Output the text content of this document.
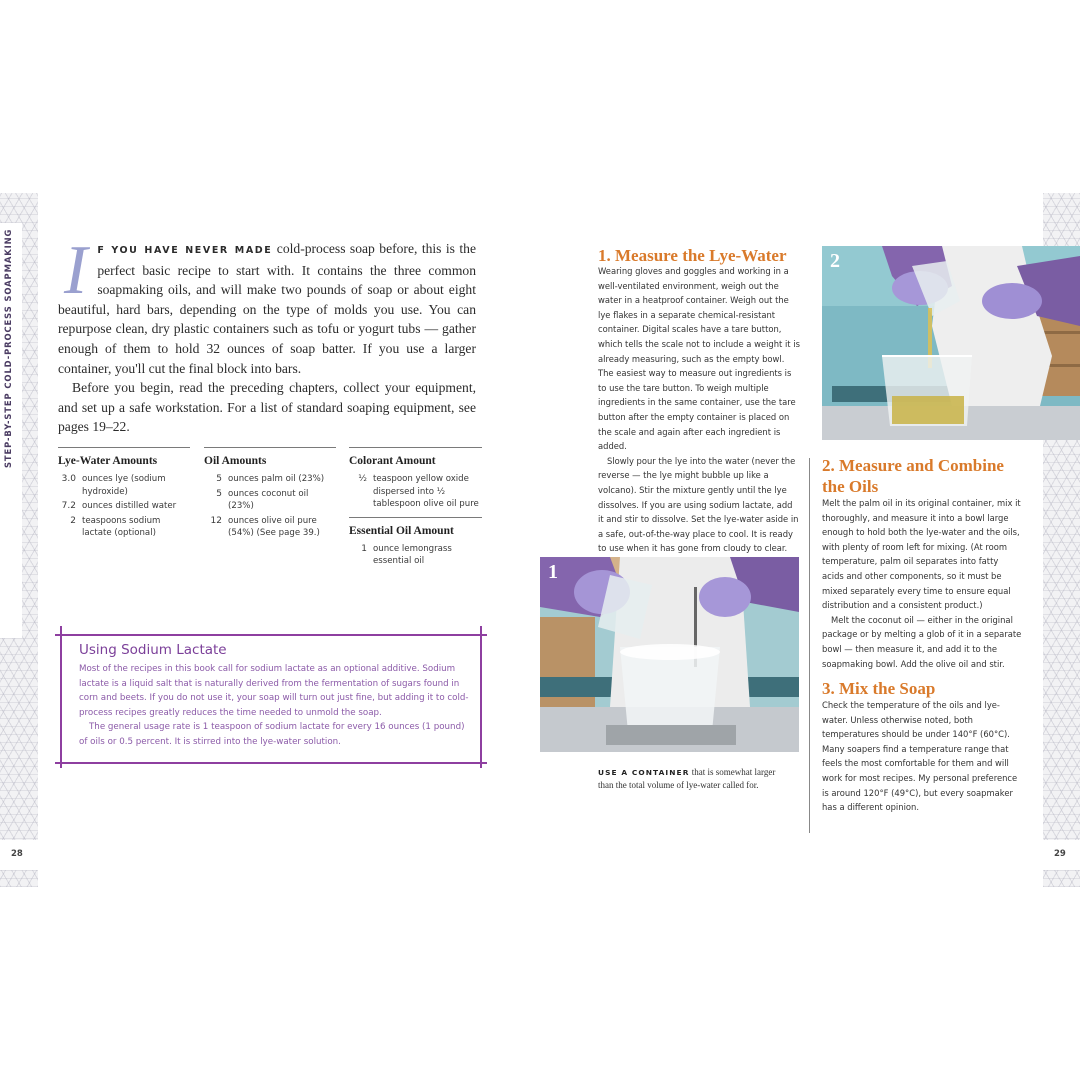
STEP-BY-STEP COLD-PROCESS SOAPMAKING
28	29

I F YOU HAVE NEVER MADE cold-process soap before, this is the perfect basic recipe to start with. It contains the three common soapmaking oils, and will make two pounds of soap or about eight beautiful, hard bars, depending on the type of molds you use. You can repurpose clean, dry plastic containers such as tofu or yogurt tubs — gather enough of them to hold 32 ounces of soap batter. If you use a larger container, you'll cut the final block into bars.

Before you begin, read the preceding chapters, collect your equipment, and set up a safe workstation. For a list of standard soaping equipment, see pages 19–22.

Lye-Water Amounts
3.0 ounces lye (sodium hydroxide)
7.2 ounces distilled water
2 teaspoons sodium lactate (optional)
Oil Amounts
5 ounces palm oil (23%)
5 ounces coconut oil (23%)
12 ounces olive oil pure (54%) (See page 39.)
Colorant Amount
½ teaspoon yellow oxide dispersed into ½ tablespoon olive oil pure
Essential Oil Amount
1 ounce lemongrass essential oil
Using Sodium Lactate

Most of the recipes in this book call for sodium lactate as an optional additive. Sodium lactate is a liquid salt that is naturally derived from the fermentation of sugars found in corn and beets. If you do not use it, your soap will turn out just fine, but adding it to cold-process recipes greatly reduces the time needed to unmold the soap.

The general usage rate is 1 teaspoon of sodium lactate for every 16 ounces (1 pound) of oils or 0.5 percent. It is stirred into the lye-water solution.

1. Measure the Lye-Water

Wearing gloves and goggles and working in a well-ventilated environment, weigh out the water in a heatproof container. Weigh out the lye flakes in a separate chemical-resistant container. Digital scales have a tare button, which tells the scale not to include a weight it is already measuring, such as the empty bowl. The easiest way to measure out ingredients is to use the tare button. To weigh multiple ingredients in the same container, use the tare button after the empty container is placed on the scale and again after each ingredient is added.

Slowly pour the lye into the water (never the reverse — the lye might bubble up like a volcano). Stir the mixture gently until the lye dissolves. If you are using sodium lactate, add it and stir to dissolve. Set the lye-water aside in a safe, out-of-the-way place to cool. It is ready to use when it has gone from cloudy to clear.

2
1
USE A CONTAINER that is somewhat larger than the total volume of lye-water called for.
2. Measure and Combine the Oils

Melt the palm oil in its original container, mix it thoroughly, and measure it into a bowl large enough to hold both the lye-water and the oils, with plenty of room left for mixing. (At room temperature, palm oil separates into fatty acids and other components, so it must be mixed separately every time to ensure equal distribution and a consistent product.)

Melt the coconut oil — either in the original package or by melting a glob of it in a separate bowl — then measure it, and add it to the soapmaking bowl. Add the olive oil and stir.

3. Mix the Soap

Check the temperature of the oils and lye-water. Unless otherwise noted, both temperatures should be under 140°F (60°C). Many soapers find a temperature range that feels the most comfortable for them and will work for most recipes. My personal preference is around 120°F (49°C), but every soapmaker has a different opinion.
